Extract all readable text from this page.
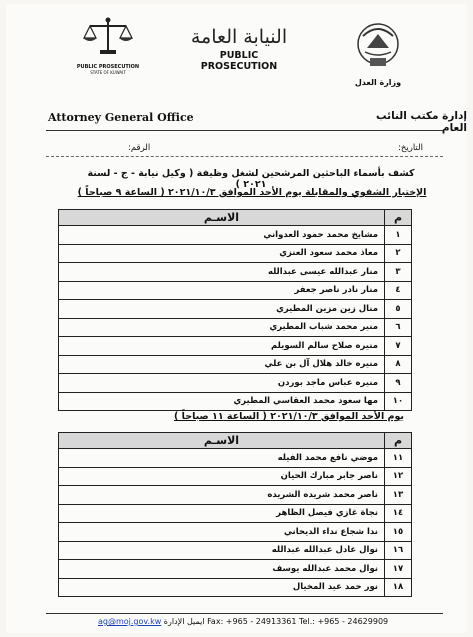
PUBLIC PROSECUTION
STATE OF KUWAIT
النيابة العامة
PUBLIC PROSECUTION
وزارة العدل
Attorney General Office	إدارة مكتب النائب العام
التاريخ:
الرقم:
كشف بأسماء الباحثين المرشحين لشغل وظيفة ( وكيل نيابة - ج - لسنة ٢٠٢١ )
الإختبار الشفوي والمقابلة يوم الأحد الموافق ٢٠٢١/١٠/٣ ( الساعة ٩ صباحاً )
م	الاسـم
١	مشايخ محمد حمود العدواني
٢	معاذ محمد سعود العنزي
٣	منار عبدالله عيسى عبدالله
٤	منار نادر ناصر جعفر
٥	منال زين مزين المطيري
٦	منير محمد شباب المطيري
٧	منيره صلاح سالم السويلم
٨	منيره خالد هلال آل بن علي
٩	منيره عباس ماجد بوردن
١٠	مها سعود محمد العقاسي المطيري
يوم الأحد الموافق ٢٠٢١/١٠/٣ ( الساعة ١١ صباحاً )
م	الاسـم
١١	موضي نافع محمد الفيله
١٢	ناصر جابر مبارك الحيان
١٣	ناصر محمد شريده الشريده
١٤	نجاة غازي فيصل الظاهر
١٥	ندا شجاع نداء الديحاني
١٦	نوال عادل عبدالله عبدالله
١٧	نوال محمد عبدالله يوسف
١٨	نور حمد عيد المخيال
ag@moj.gov.kw ايميل الإدارة Fax: +965 - 24913361 Tel.: +965 - 24629909
